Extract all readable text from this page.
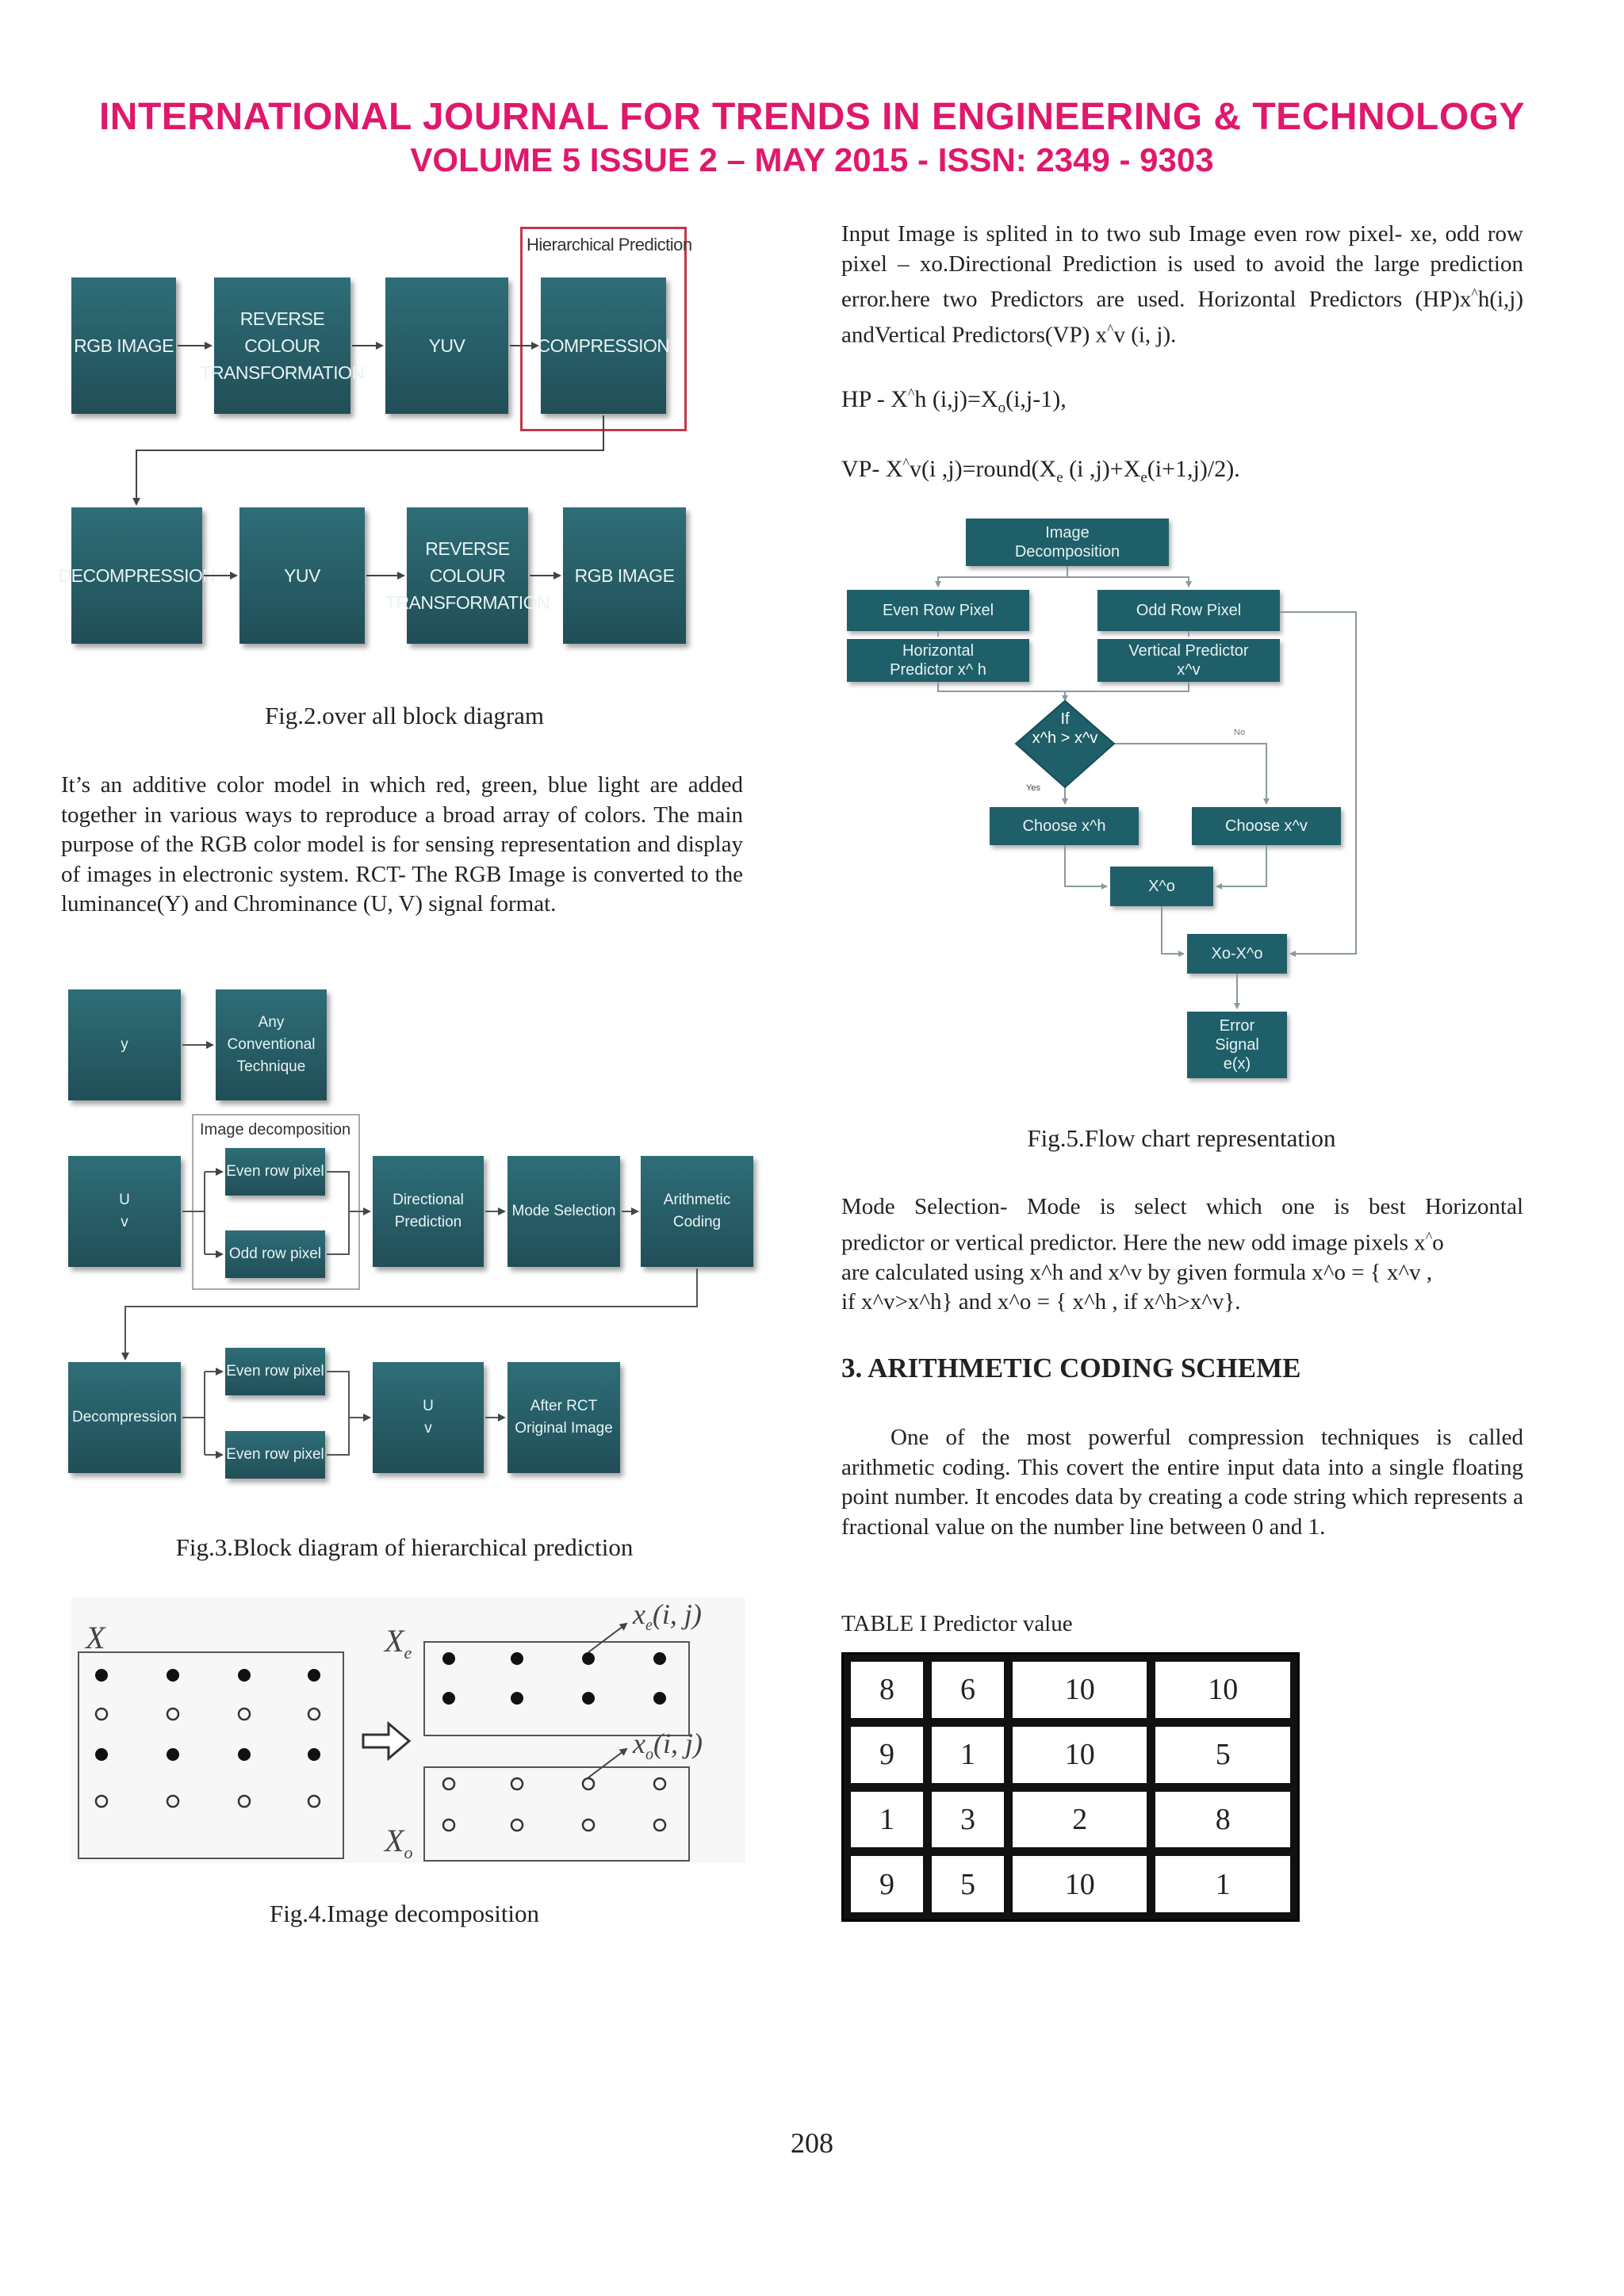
INTERNATIONAL JOURNAL FOR TRENDS IN ENGINEERING & TECHNOLOGY
VOLUME 5 ISSUE 2 – MAY 2015 - ISSN: 2349 - 9303
Hierarchical Prediction
RGB IMAGE
REVERSE
COLOUR
TRANSFORMATION
YUV	COMPRESSION
DECOMPRESSION	YUV
REVERSE
COLOUR
TRANSFORMATION
RGB IMAGE
Fig.2.over all block diagram
It’s an additive color model in which red, green, blue light are added together in various ways to reproduce a broad array of colors. The main purpose of the RGB color model is for sensing representation and display of images in electronic system. RCT- The RGB Image is converted to the luminance(Y) and Chrominance (U, V) signal format.
y
Any
Conventional
Technique
Image decomposition
U
v
Even row pixel
Odd row pixel
Directional
Prediction
Mode Selection
Arithmetic
Coding
Decompression
Even row pixel
Even row pixel
U
v
After RCT
Original Image
Fig.3.Block diagram of hierarchical prediction
X	$X_e$
$X_o$
$x_e(i$, j)
$x_o(i$, j)
Fig.4.Image decomposition
Input Image is splited in to two sub Image even row pixel- xe, odd row pixel – xo.Directional Prediction is used to avoid the large prediction error.here two Predictors are used. Horizontal Predictors (HP)x^h(i,j) andVertical Predictors(VP) x^v (i, j).
HP - X^h $(i,j)=X_o(i,j-1)$,
VP- X^v(i $,j)=round(X_e$ (i $,j)+X_e(i+1,j)/2$).
Image
Decomposition
Even Row Pixel	Odd Row Pixel
Horizontal
Predictor x^ h
Vertical Predictor
x^v
Choose x^h	Choose x^v
X^o
Xo-X^o
Error
Signal
e(x)
If
x^h > x^v
Yes
No
Fig.5.Flow chart representation
Mode Selection- Mode is select which one is best Horizontal
predictor or vertical predictor. Here the new odd image pixels x^o
are calculated using x^h and x^v by given formula x^o = { x^v ,
if x^v>x^h} and x^o = { x^h , if x^h>x^v}.
3. ARITHMETIC CODING SCHEME
One of the most powerful compression techniques is called arithmetic coding. This covert the entire input data into a single floating point number. It encodes data by creating a code string which represents a fractional value on the number line between 0 and 1.
TABLE I Predictor value
8	6	10	10
9	1	10	5
1	3	2	8
9	5	10	1
208
